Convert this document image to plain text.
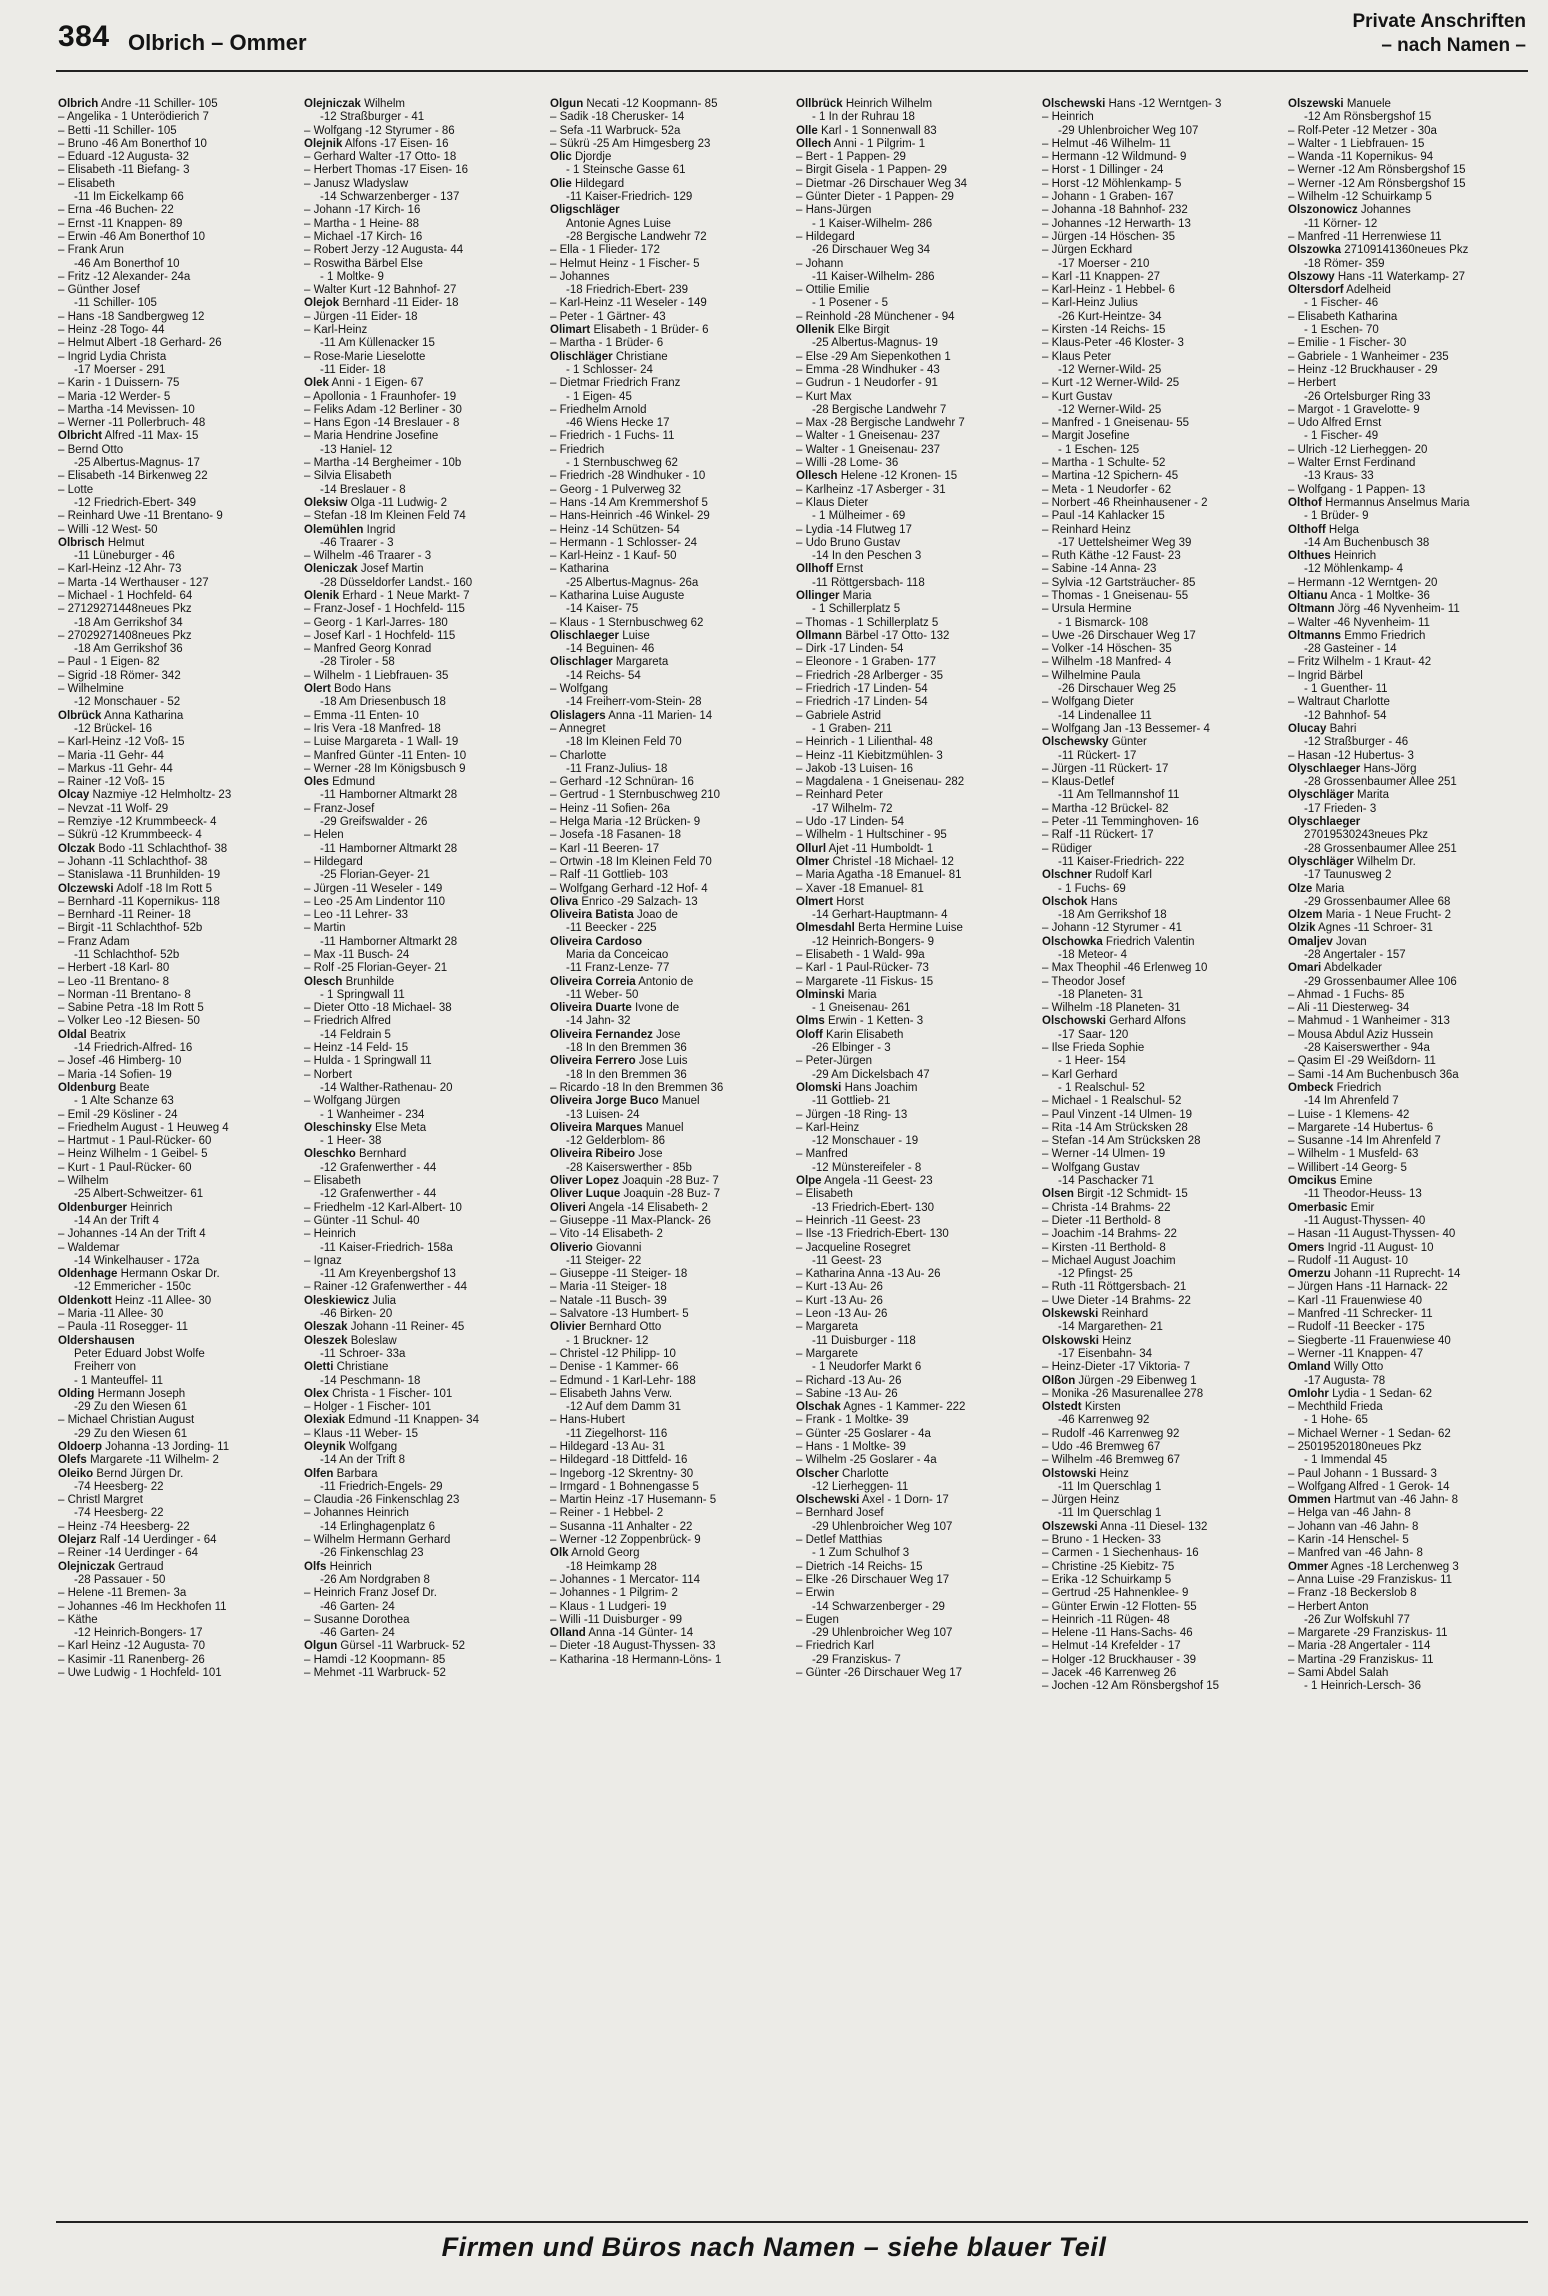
384 Olbrich – Ommer
Private Anschriften
– nach Namen –
Olbrich Andre -11 Schiller- 105
– Angelika - 1 Unterödierich 7
– Betti -11 Schiller- 105
– Bruno -46 Am Bonerthof 10
– Eduard -12 Augusta- 32
– Elisabeth -11 Biefang- 3
– Elisabeth
-11 Im Eickelkamp 66
– Erna -46 Buchen- 22
– Ernst -11 Knappen- 89
– Erwin -46 Am Bonerthof 10
– Frank Arun
-46 Am Bonerthof 10
– Fritz -12 Alexander- 24a
– Günther Josef
-11 Schiller- 105
– Hans -18 Sandbergweg 12
– Heinz -28 Togo- 44
– Helmut Albert -18 Gerhard- 26
– Ingrid Lydia Christa
-17 Moerser - 291
– Karin - 1 Duissern- 75
– Maria -12 Werder- 5
– Martha -14 Mevissen- 10
– Werner -11 Pollerbruch- 48
Olbricht Alfred -11 Max- 15
– Bernd Otto
-25 Albertus-Magnus- 17
– Elisabeth -14 Birkenweg 22
– Lotte
-12 Friedrich-Ebert- 349
– Reinhard Uwe -11 Brentano- 9
– Willi -12 West- 50
Olbrisch Helmut
-11 Lüneburger - 46
– Karl-Heinz -12 Ahr- 73
– Marta -14 Werthauser - 127
– Michael - 1 Hochfeld- 64
– 27129271448neues Pkz
-18 Am Gerrikshof 34
– 27029271408neues Pkz
-18 Am Gerrikshof 36
– Paul - 1 Eigen- 82
– Sigrid -18 Römer- 342
– Wilhelmine
-12 Monschauer - 52
Olbrück Anna Katharina
-12 Brückel- 16
– Karl-Heinz -12 Voß- 15
– Maria -11 Gehr- 44
– Markus -11 Gehr- 44
– Rainer -12 Voß- 15
Olcay Nazmiye -12 Helmholtz- 23
– Nevzat -11 Wolf- 29
– Remziye -12 Krummbeeck- 4
– Sükrü -12 Krummbeeck- 4
Olczak Bodo -11 Schlachthof- 38
– Johann -11 Schlachthof- 38
– Stanislawa -11 Brunhilden- 19
Olczewski Adolf -18 Im Rott 5
– Bernhard -11 Kopernikus- 118
– Bernhard -11 Reiner- 18
– Birgit -11 Schlachthof- 52b
– Franz Adam
-11 Schlachthof- 52b
– Herbert -18 Karl- 80
– Leo -11 Brentano- 8
– Norman -11 Brentano- 8
– Sabine Petra -18 Im Rott 5
– Volker Leo -12 Biesen- 50
Oldal Beatrix
-14 Friedrich-Alfred- 16
– Josef -46 Himberg- 10
– Maria -14 Sofien- 19
Oldenburg Beate
- 1 Alte Schanze 63
– Emil -29 Kösliner - 24
– Friedhelm August - 1 Heuweg 4
– Hartmut - 1 Paul-Rücker- 60
– Heinz Wilhelm - 1 Geibel- 5
– Kurt - 1 Paul-Rücker- 60
– Wilhelm
-25 Albert-Schweitzer- 61
Oldenburger Heinrich
-14 An der Trift 4
– Johannes -14 An der Trift 4
– Waldemar
-14 Winkelhauser - 172a
Oldenhage Hermann Oskar Dr.
-12 Emmericher - 150c
Oldenkott Heinz -11 Allee- 30
– Maria -11 Allee- 30
– Paula -11 Rosegger- 11
Oldershausen
Peter Eduard Jobst Wolfe
Freiherr von
- 1 Manteuffel- 11
Olding Hermann Joseph
-29 Zu den Wiesen 61
– Michael Christian August
-29 Zu den Wiesen 61
Oldoerp Johanna -13 Jording- 11
Olefs Margarete -11 Wilhelm- 2
Oleiko Bernd Jürgen Dr.
-74 Heesberg- 22
– Christl Margret
-74 Heesberg- 22
– Heinz -74 Heesberg- 22
Olejarz Ralf -14 Uerdinger - 64
– Reiner -14 Uerdinger - 64
Olejniczak Gertraud
-28 Passauer - 50
– Helene -11 Bremen- 3a
– Johannes -46 Im Heckhofen 11
– Käthe
-12 Heinrich-Bongers- 17
– Karl Heinz -12 Augusta- 70
– Kasimir -11 Ranenberg- 26
– Uwe Ludwig - 1 Hochfeld- 101
Olejniczak Wilhelm
-12 Straßburger - 41
– Wolfgang -12 Styrumer - 86
Olejnik Alfons -17 Eisen- 16
– Gerhard Walter -17 Otto- 18
– Herbert Thomas -17 Eisen- 16
– Janusz Wladyslaw
-14 Schwarzenberger - 137
– Johann -17 Kirch- 16
– Martha - 1 Heine- 88
– Michael -17 Kirch- 16
– Robert Jerzy -12 Augusta- 44
– Roswitha Bärbel Else
- 1 Moltke- 9
– Walter Kurt -12 Bahnhof- 27
Olejok Bernhard -11 Eider- 18
– Jürgen -11 Eider- 18
– Karl-Heinz
-11 Am Küllenacker 15
– Rose-Marie Lieselotte
-11 Eider- 18
Olek Anni - 1 Eigen- 67
– Apollonia - 1 Fraunhofer- 19
– Feliks Adam -12 Berliner - 30
– Hans Egon -14 Breslauer - 8
– Maria Hendrine Josefine
-13 Haniel- 12
– Martha -14 Bergheimer - 10b
– Silvia Elisabeth
-14 Breslauer - 8
Oleksiw Olga -11 Ludwig- 2
– Stefan -18 Im Kleinen Feld 74
Olemühlen Ingrid
-46 Traarer - 3
– Wilhelm -46 Traarer - 3
Oleniczak Josef Martin
-28 Düsseldorfer Landst.- 160
Olenik Erhard - 1 Neue Markt- 7
– Franz-Josef - 1 Hochfeld- 115
– Georg - 1 Karl-Jarres- 180
– Josef Karl - 1 Hochfeld- 115
– Manfred Georg Konrad
-28 Tiroler - 58
– Wilhelm - 1 Liebfrauen- 35
Olert Bodo Hans
-18 Am Driesenbusch 18
– Emma -11 Enten- 10
– Iris Vera -18 Manfred- 18
– Luise Margareta - 1 Wall- 19
– Manfred Günter -11 Enten- 10
– Werner -28 Im Königsbusch 9
Oles Edmund
-11 Hamborner Altmarkt 28
– Franz-Josef
-29 Greifswalder - 26
– Helen
-11 Hamborner Altmarkt 28
– Hildegard
-25 Florian-Geyer- 21
– Jürgen -11 Weseler - 149
– Leo -25 Am Lindentor 110
– Leo -11 Lehrer- 33
– Martin
-11 Hamborner Altmarkt 28
– Max -11 Busch- 24
– Rolf -25 Florian-Geyer- 21
Olesch Brunhilde
- 1 Springwall 11
– Dieter Otto -18 Michael- 38
– Friedrich Alfred
-14 Feldrain 5
– Heinz -14 Feld- 15
– Hulda - 1 Springwall 11
– Norbert
-14 Walther-Rathenau- 20
– Wolfgang Jürgen
- 1 Wanheimer - 234
Oleschinsky Else Meta
- 1 Heer- 38
Oleschko Bernhard
-12 Grafenwerther - 44
– Elisabeth
-12 Grafenwerther - 44
– Friedhelm -12 Karl-Albert- 10
– Günter -11 Schul- 40
– Heinrich
-11 Kaiser-Friedrich- 158a
– Ignaz
-11 Am Kreyenbergshof 13
– Rainer -12 Grafenwerther - 44
Oleskiewicz Julia
-46 Birken- 20
Oleszak Johann -11 Reiner- 45
Oleszek Boleslaw
-11 Schroer- 33a
Oletti Christiane
-14 Peschmann- 18
Olex Christa - 1 Fischer- 101
– Holger - 1 Fischer- 101
Olexiak Edmund -11 Knappen- 34
– Klaus -11 Weber- 15
Oleynik Wolfgang
-14 An der Trift 8
Olfen Barbara
-11 Friedrich-Engels- 29
– Claudia -26 Finkenschlag 23
– Johannes Heinrich
-14 Erlinghagenplatz 6
– Wilhelm Hermann Gerhard
-26 Finkenschlag 23
Olfs Heinrich
-26 Am Nordgraben 8
– Heinrich Franz Josef Dr.
-46 Garten- 24
– Susanne Dorothea
-46 Garten- 24
Olgun Gürsel -11 Warbruck- 52
– Hamdi -12 Koopmann- 85
– Mehmet -11 Warbruck- 52
Olgun Necati -12 Koopmann- 85
– Sadik -18 Cherusker- 14
– Sefa -11 Warbruck- 52a
– Sükrü -25 Am Himgesberg 23
Olic Djordje
- 1 Steinsche Gasse 61
Olie Hildegard
-11 Kaiser-Friedrich- 129
Oligschläger
Antonie Agnes Luise
-28 Bergische Landwehr 72
– Ella - 1 Flieder- 172
– Helmut Heinz - 1 Fischer- 5
– Johannes
-18 Friedrich-Ebert- 239
– Karl-Heinz -11 Weseler - 149
– Peter - 1 Gärtner- 43
Olimart Elisabeth - 1 Brüder- 6
– Martha - 1 Brüder- 6
Olischläger Christiane
- 1 Schlosser- 24
– Dietmar Friedrich Franz
- 1 Eigen- 45
– Friedhelm Arnold
-46 Wiens Hecke 17
– Friedrich - 1 Fuchs- 11
– Friedrich
- 1 Sternbuschweg 62
– Friedrich -28 Windhuker - 10
– Georg - 1 Pulverweg 32
– Hans -14 Am Kremmershof 5
– Hans-Heinrich -46 Winkel- 29
– Heinz -14 Schützen- 54
– Hermann - 1 Schlosser- 24
– Karl-Heinz - 1 Kauf- 50
– Katharina
-25 Albertus-Magnus- 26a
– Katharina Luise Auguste
-14 Kaiser- 75
– Klaus - 1 Sternbuschweg 62
Olischlaeger Luise
-14 Beguinen- 46
Olischlager Margareta
-14 Reichs- 54
– Wolfgang
-14 Freiherr-vom-Stein- 28
Olislagers Anna -11 Marien- 14
– Annegret
-18 Im Kleinen Feld 70
– Charlotte
-11 Franz-Julius- 18
– Gerhard -12 Schnüran- 16
– Gertrud - 1 Sternbuschweg 210
– Heinz -11 Sofien- 26a
– Helga Maria -12 Brücken- 9
– Josefa -18 Fasanen- 18
– Karl -11 Beeren- 17
– Ortwin -18 Im Kleinen Feld 70
– Ralf -11 Gottlieb- 103
– Wolfgang Gerhard -12 Hof- 4
Oliva Enrico -29 Salzach- 13
Oliveira Batista Joao de
-11 Beecker - 225
Oliveira Cardoso
Maria da Conceicao
-11 Franz-Lenze- 77
Oliveira Correia Antonio de
-11 Weber- 50
Oliveira Duarte Ivone de
-14 Jahn- 32
Oliveira Fernandez Jose
-18 In den Bremmen 36
Oliveira Ferrero Jose Luis
-18 In den Bremmen 36
– Ricardo -18 In den Bremmen 36
Oliveira Jorge Buco Manuel
-13 Luisen- 24
Oliveira Marques Manuel
-12 Gelderblom- 86
Oliveira Ribeiro Jose
-28 Kaiserswerther - 85b
Oliver Lopez Joaquin -28 Buz- 7
Oliver Luque Joaquin -28 Buz- 7
Oliveri Angela -14 Elisabeth- 2
– Giuseppe -11 Max-Planck- 26
– Vito -14 Elisabeth- 2
Oliverio Giovanni
-11 Steiger- 22
– Giuseppe -11 Steiger- 18
– Maria -11 Steiger- 18
– Natale -11 Busch- 39
– Salvatore -13 Humbert- 5
Olivier Bernhard Otto
- 1 Bruckner- 12
– Christel -12 Philipp- 10
– Denise - 1 Kammer- 66
– Edmund - 1 Karl-Lehr- 188
– Elisabeth Jahns Verw.
-12 Auf dem Damm 31
– Hans-Hubert
-11 Ziegelhorst- 116
– Hildegard -13 Au- 31
– Hildegard -18 Dittfeld- 16
– Ingeborg -12 Skrentny- 30
– Irmgard - 1 Bohnengasse 5
– Martin Heinz -17 Husemann- 5
– Reiner - 1 Hebbel- 2
– Susanna -11 Anhalter - 22
– Werner -12 Zoppenbrück- 9
Olk Arnold Georg
-18 Heimkamp 28
– Johannes - 1 Mercator- 114
– Johannes - 1 Pilgrim- 2
– Klaus - 1 Ludgeri- 19
– Willi -11 Duisburger - 99
Olland Anna -14 Günter- 14
– Dieter -18 August-Thyssen- 33
– Katharina -18 Hermann-Löns- 1
Ollbrück Heinrich Wilhelm
- 1 In der Ruhrau 18
Olle Karl - 1 Sonnenwall 83
Ollech Anni - 1 Pilgrim- 1
– Bert - 1 Pappen- 29
– Birgit Gisela - 1 Pappen- 29
– Dietmar -26 Dirschauer Weg 34
– Günter Dieter - 1 Pappen- 29
– Hans-Jürgen
- 1 Kaiser-Wilhelm- 286
– Hildegard
-26 Dirschauer Weg 34
– Johann
-11 Kaiser-Wilhelm- 286
– Ottilie Emilie
- 1 Posener - 5
– Reinhold -28 Münchener - 94
Ollenik Elke Birgit
-25 Albertus-Magnus- 19
– Else -29 Am Siepenkothen 1
– Emma -28 Windhuker - 43
– Gudrun - 1 Neudorfer - 91
– Kurt Max
-28 Bergische Landwehr 7
– Max -28 Bergische Landwehr 7
– Walter - 1 Gneisenau- 237
– Walter - 1 Gneisenau- 237
– Willi -28 Lome- 36
Ollesch Helene -12 Kronen- 15
– Karlheinz -17 Asberger - 31
– Klaus Dieter
- 1 Mülheimer - 69
– Lydia -14 Flutweg 17
– Udo Bruno Gustav
-14 In den Peschen 3
Ollhoff Ernst
-11 Röttgersbach- 118
Ollinger Maria
- 1 Schillerplatz 5
– Thomas - 1 Schillerplatz 5
Ollmann Bärbel -17 Otto- 132
– Dirk -17 Linden- 54
– Eleonore - 1 Graben- 177
– Friedrich -28 Arlberger - 35
– Friedrich -17 Linden- 54
– Friedrich -17 Linden- 54
– Gabriele Astrid
- 1 Graben- 211
– Heinrich - 1 Lilienthal- 48
– Heinz -11 Kiebitzmühlen- 3
– Jakob -13 Luisen- 16
– Magdalena - 1 Gneisenau- 282
– Reinhard Peter
-17 Wilhelm- 72
– Udo -17 Linden- 54
– Wilhelm - 1 Hultschiner - 95
Ollurl Ajet -11 Humboldt- 1
Olmer Christel -18 Michael- 12
– Maria Agatha -18 Emanuel- 81
– Xaver -18 Emanuel- 81
Olmert Horst
-14 Gerhart-Hauptmann- 4
Olmesdahl Berta Hermine Luise
-12 Heinrich-Bongers- 9
– Elisabeth - 1 Wald- 99a
– Karl - 1 Paul-Rücker- 73
– Margarete -11 Fiskus- 15
Olminski Maria
- 1 Gneisenau- 261
Olms Erwin - 1 Ketten- 3
Oloff Karin Elisabeth
-26 Elbinger - 3
– Peter-Jürgen
-29 Am Dickelsbach 47
Olomski Hans Joachim
-11 Gottlieb- 21
– Jürgen -18 Ring- 13
– Karl-Heinz
-12 Monschauer - 19
– Manfred
-12 Münstereifeler - 8
Olpe Angela -11 Geest- 23
– Elisabeth
-13 Friedrich-Ebert- 130
– Heinrich -11 Geest- 23
– Ilse -13 Friedrich-Ebert- 130
– Jacqueline Rosegret
-11 Geest- 23
– Katharina Anna -13 Au- 26
– Kurt -13 Au- 26
– Kurt -13 Au- 26
– Leon -13 Au- 26
– Margareta
-11 Duisburger - 118
– Margarete
- 1 Neudorfer Markt 6
– Richard -13 Au- 26
– Sabine -13 Au- 26
Olschak Agnes - 1 Kammer- 222
– Frank - 1 Moltke- 39
– Günter -25 Goslarer - 4a
– Hans - 1 Moltke- 39
– Wilhelm -25 Goslarer - 4a
Olscher Charlotte
-12 Lierheggen- 11
Olschewski Axel - 1 Dorn- 17
– Bernhard Josef
-29 Uhlenbroicher Weg 107
– Detlef Matthias
- 1 Zum Schulhof 3
– Dietrich -14 Reichs- 15
– Elke -26 Dirschauer Weg 17
– Erwin
-14 Schwarzenberger - 29
– Eugen
-29 Uhlenbroicher Weg 107
– Friedrich Karl
-29 Franziskus- 7
– Günter -26 Dirschauer Weg 17
Olschewski Hans -12 Werntgen- 3
– Heinrich
-29 Uhlenbroicher Weg 107
– Helmut -46 Wilhelm- 11
– Hermann -12 Wildmund- 9
– Horst - 1 Dillinger - 24
– Horst -12 Möhlenkamp- 5
– Johann - 1 Graben- 167
– Johanna -18 Bahnhof- 232
– Johannes -12 Herwarth- 13
– Jürgen -14 Höschen- 35
– Jürgen Eckhard
-17 Moerser - 210
– Karl -11 Knappen- 27
– Karl-Heinz - 1 Hebbel- 6
– Karl-Heinz Julius
-26 Kurt-Heintze- 34
– Kirsten -14 Reichs- 15
– Klaus-Peter -46 Kloster- 3
– Klaus Peter
-12 Werner-Wild- 25
– Kurt -12 Werner-Wild- 25
– Kurt Gustav
-12 Werner-Wild- 25
– Manfred - 1 Gneisenau- 55
– Margit Josefine
- 1 Eschen- 125
– Martha - 1 Schulte- 52
– Martina -12 Spichern- 45
– Meta - 1 Neudorfer - 62
– Norbert -46 Rheinhausener - 2
– Paul -14 Kahlacker 15
– Reinhard Heinz
-17 Uettelsheimer Weg 39
– Ruth Käthe -12 Faust- 23
– Sabine -14 Anna- 23
– Sylvia -12 Gartsträucher- 85
– Thomas - 1 Gneisenau- 55
– Ursula Hermine
- 1 Bismarck- 108
– Uwe -26 Dirschauer Weg 17
– Volker -14 Höschen- 35
– Wilhelm -18 Manfred- 4
– Wilhelmine Paula
-26 Dirschauer Weg 25
– Wolfgang Dieter
-14 Lindenallee 11
– Wolfgang Jan -13 Bessemer- 4
Olschewsky Günter
-11 Rückert- 17
– Jürgen -11 Rückert- 17
– Klaus-Detlef
-11 Am Tellmannshof 11
– Martha -12 Brückel- 82
– Peter -11 Temminghoven- 16
– Ralf -11 Rückert- 17
– Rüdiger
-11 Kaiser-Friedrich- 222
Olschner Rudolf Karl
- 1 Fuchs- 69
Olschok Hans
-18 Am Gerrikshof 18
– Johann -12 Styrumer - 41
Olschowka Friedrich Valentin
-18 Meteor- 4
– Max Theophil -46 Erlenweg 10
– Theodor Josef
-18 Planeten- 31
– Wilhelm -18 Planeten- 31
Olschowski Gerhard Alfons
-17 Saar- 120
– Ilse Frieda Sophie
- 1 Heer- 154
– Karl Gerhard
- 1 Realschul- 52
– Michael - 1 Realschul- 52
– Paul Vinzent -14 Ulmen- 19
– Rita -14 Am Strücksken 28
– Stefan -14 Am Strücksken 28
– Werner -14 Ulmen- 19
– Wolfgang Gustav
-14 Paschacker 71
Olsen Birgit -12 Schmidt- 15
– Christa -14 Brahms- 22
– Dieter -11 Berthold- 8
– Joachim -14 Brahms- 22
– Kirsten -11 Berthold- 8
– Michael August Joachim
-12 Pfingst- 25
– Ruth -11 Röttgersbach- 21
– Uwe Dieter -14 Brahms- 22
Olskewski Reinhard
-14 Margarethen- 21
Olskowski Heinz
-17 Eisenbahn- 34
– Heinz-Dieter -17 Viktoria- 7
Olßon Jürgen -29 Eibenweg 1
– Monika -26 Masurenallee 278
Olstedt Kirsten
-46 Karrenweg 92
– Rudolf -46 Karrenweg 92
– Udo -46 Bremweg 67
– Wilhelm -46 Bremweg 67
Olstowski Heinz
-11 Im Querschlag 1
– Jürgen Heinz
-11 Im Querschlag 1
Olszewski Anna -11 Diesel- 132
– Bruno - 1 Hecken- 33
– Carmen - 1 Siechenhaus- 16
– Christine -25 Kiebitz- 75
– Erika -12 Schuirkamp 5
– Gertrud -25 Hahnenklee- 9
– Günter Erwin -12 Flotten- 55
– Heinrich -11 Rügen- 48
– Helene -11 Hans-Sachs- 46
– Helmut -14 Krefelder - 17
– Holger -12 Bruckhauser - 39
– Jacek -46 Karrenweg 26
– Jochen -12 Am Rönsbergshof 15
Olszewski Manuele
-12 Am Rönsbergshof 15
– Rolf-Peter -12 Metzer - 30a
– Walter - 1 Liebfrauen- 15
– Wanda -11 Kopernikus- 94
– Werner -12 Am Rönsbergshof 15
– Werner -12 Am Rönsbergshof 15
– Wilhelm -12 Schuirkamp 5
Olszonowicz Johannes
-11 Körner- 12
– Manfred -11 Herrenwiese 11
Olszowka 27109141360neues Pkz
-18 Römer- 359
Olszowy Hans -11 Waterkamp- 27
Oltersdorf Adelheid
- 1 Fischer- 46
– Elisabeth Katharina
- 1 Eschen- 70
– Emilie - 1 Fischer- 30
– Gabriele - 1 Wanheimer - 235
– Heinz -12 Bruckhauser - 29
– Herbert
-26 Ortelsburger Ring 33
– Margot - 1 Gravelotte- 9
– Udo Alfred Ernst
- 1 Fischer- 49
– Ulrich -12 Lierheggen- 20
– Walter Ernst Ferdinand
-13 Kraus- 33
– Wolfgang - 1 Pappen- 13
Olthof Hermannus Anselmus Maria
- 1 Brüder- 9
Olthoff Helga
-14 Am Buchenbusch 38
Olthues Heinrich
-12 Möhlenkamp- 4
– Hermann -12 Werntgen- 20
Oltianu Anca - 1 Moltke- 36
Oltmann Jörg -46 Nyvenheim- 11
– Walter -46 Nyvenheim- 11
Oltmanns Emmo Friedrich
-28 Gasteiner - 14
– Fritz Wilhelm - 1 Kraut- 42
– Ingrid Bärbel
- 1 Guenther- 11
– Waltraut Charlotte
-12 Bahnhof- 54
Olucay Bahri
-12 Straßburger - 46
– Hasan -12 Hubertus- 3
Olyschlaeger Hans-Jörg
-28 Grossenbaumer Allee 251
Olyschläger Marita
-17 Frieden- 3
Olyschlaeger
27019530243neues Pkz
-28 Grossenbaumer Allee 251
Olyschläger Wilhelm Dr.
-17 Taunusweg 2
Olze Maria
-29 Grossenbaumer Allee 68
Olzem Maria - 1 Neue Frucht- 2
Olzik Agnes -11 Schroer- 31
Omaljev Jovan
-28 Angertaler - 157
Omari Abdelkader
-29 Grossenbaumer Allee 106
– Ahmad - 1 Fuchs- 85
– Ali -11 Diesterweg- 34
– Mahmud - 1 Wanheimer - 313
– Mousa Abdul Aziz Hussein
-28 Kaiserswerther - 94a
– Qasim El -29 Weißdorn- 11
– Sami -14 Am Buchenbusch 36a
Ombeck Friedrich
-14 Im Ährenfeld 7
– Luise - 1 Klemens- 42
– Margarete -14 Hubertus- 6
– Susanne -14 Im Ährenfeld 7
– Wilhelm - 1 Musfeld- 63
– Willibert -14 Georg- 5
Omcikus Emine
-11 Theodor-Heuss- 13
Omerbasic Emir
-11 August-Thyssen- 40
– Hasan -11 August-Thyssen- 40
Omers Ingrid -11 August- 10
– Rudolf -11 August- 10
Omerzu Johann -11 Ruprecht- 14
– Jürgen Hans -11 Harnack- 22
– Karl -11 Frauenwiese 40
– Manfred -11 Schrecker- 11
– Rudolf -11 Beecker - 175
– Siegberte -11 Frauenwiese 40
– Werner -11 Knappen- 47
Omland Willy Otto
-17 Augusta- 78
Omlohr Lydia - 1 Sedan- 62
– Mechthild Frieda
- 1 Hohe- 65
– Michael Werner - 1 Sedan- 62
– 25019520180neues Pkz
- 1 Immendal 45
– Paul Johann - 1 Bussard- 3
– Wolfgang Alfred - 1 Gerok- 14
Ommen Hartmut van -46 Jahn- 8
– Helga van -46 Jahn- 8
– Johann van -46 Jahn- 8
– Karin -14 Henschel- 5
– Manfred van -46 Jahn- 8
Ommer Agnes -18 Lerchenweg 3
– Anna Luise -29 Franziskus- 11
– Franz -18 Beckerslob 8
– Herbert Anton
-26 Zur Wolfskuhl 77
– Margarete -29 Franziskus- 11
– Maria -28 Angertaler - 114
– Martina -29 Franziskus- 11
– Sami Abdel Salah
- 1 Heinrich-Lersch- 36
Firmen und Büros nach Namen – siehe blauer Teil
